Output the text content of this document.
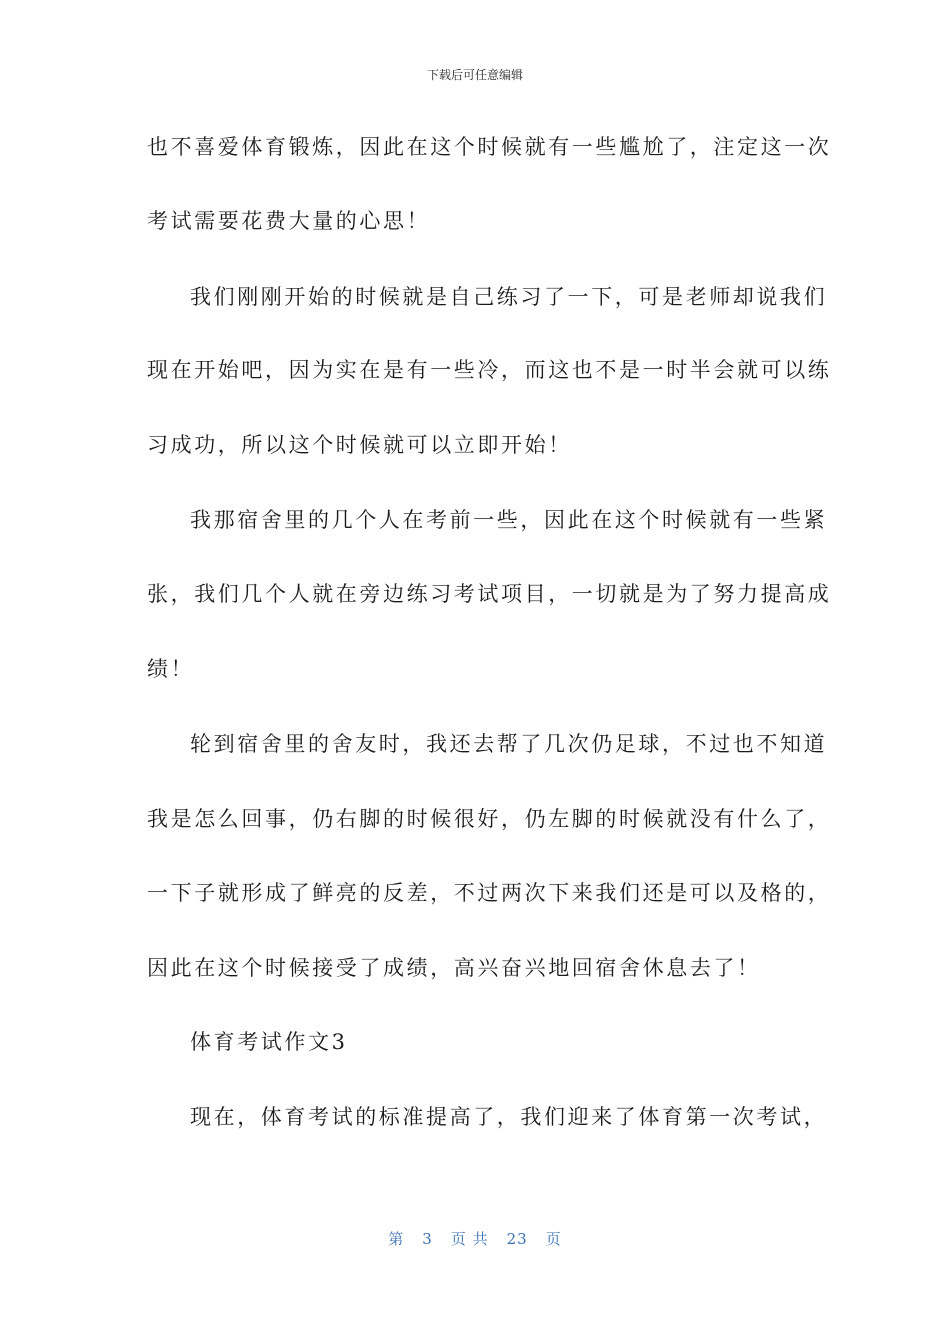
下载后可任意编辑
也不喜爱体育锻炼，因此在这个时候就有一些尴尬了，注定这一次
考试需要花费大量的心思！
我们刚刚开始的时候就是自己练习了一下，可是老师却说我们
现在开始吧，因为实在是有一些冷，而这也不是一时半会就可以练
习成功，所以这个时候就可以立即开始！
我那宿舍里的几个人在考前一些，因此在这个时候就有一些紧
张，我们几个人就在旁边练习考试项目，一切就是为了努力提高成
绩！
轮到宿舍里的舍友时，我还去帮了几次仍足球，不过也不知道
我是怎么回事，仍右脚的时候很好，仍左脚的时候就没有什么了，
一下子就形成了鲜亮的反差，不过两次下来我们还是可以及格的，
因此在这个时候接受了成绩，高兴奋兴地回宿舍休息去了！
体育考试作文3
现在，体育考试的标准提高了，我们迎来了体育第一次考试，
第 3 页 共 23 页
